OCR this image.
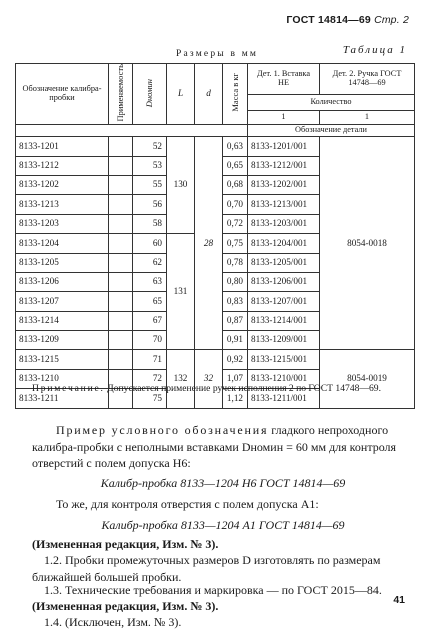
ГОСТ 14814—69 Стр. 2
Размеры в мм	Таблица 1
Обозначение калибра-пробки	Применяемость	Dномин	L	d	Масса в кг	Дет. 1. Вставка НЕ	Дет. 2. Ручка ГОСТ 14748—69
						Количество	
						1	1
						Обозначение детали	
8133-1201		52	130	28	0,63	8133-1201/001	8054-0018
8133-1212		53			0,65	8133-1212/001	
8133-1202		55			0,68	8133-1202/001	
8133-1213		56			0,70	8133-1213/001	
8133-1203		58			0,72	8133-1203/001	
8133-1204		60	131		0,75	8133-1204/001	
8133-1205		62			0,78	8133-1205/001	
8133-1206		63			0,80	8133-1206/001	
8133-1207		65			0,83	8133-1207/001	
8133-1214		67			0,87	8133-1214/001	
8133-1209		70			0,91	8133-1209/001	
8133-1215		71	132	32	0,92	8133-1215/001	8054-0019
8133-1210		72			1,07	8133-1210/001	
8133-1211		75			1,12	8133-1211/001	
Примечание. Допускается применение ручек исполнения 2 по ГОСТ 14748—69.
Пример условного обозначения гладкого непроходного калибра-пробки с неполными вставками Dномин = 60 мм для контроля отверстий с полем допуска H6:
Калибр-пробка 8133—1204 H6 ГОСТ 14814—69
То же, для контроля отверстия с полем допуска A1:
Калибр-пробка 8133—1204 A1 ГОСТ 14814—69
(Измененная редакция, Изм. № 3).
1.2. Пробки промежуточных размеров D изготовлять по размерам ближайшей большей пробки.
1.3. Технические требования и маркировка — по ГОСТ 2015—84.
(Измененная редакция, Изм. № 3).
1.4. (Исключен, Изм. № 3).
41
